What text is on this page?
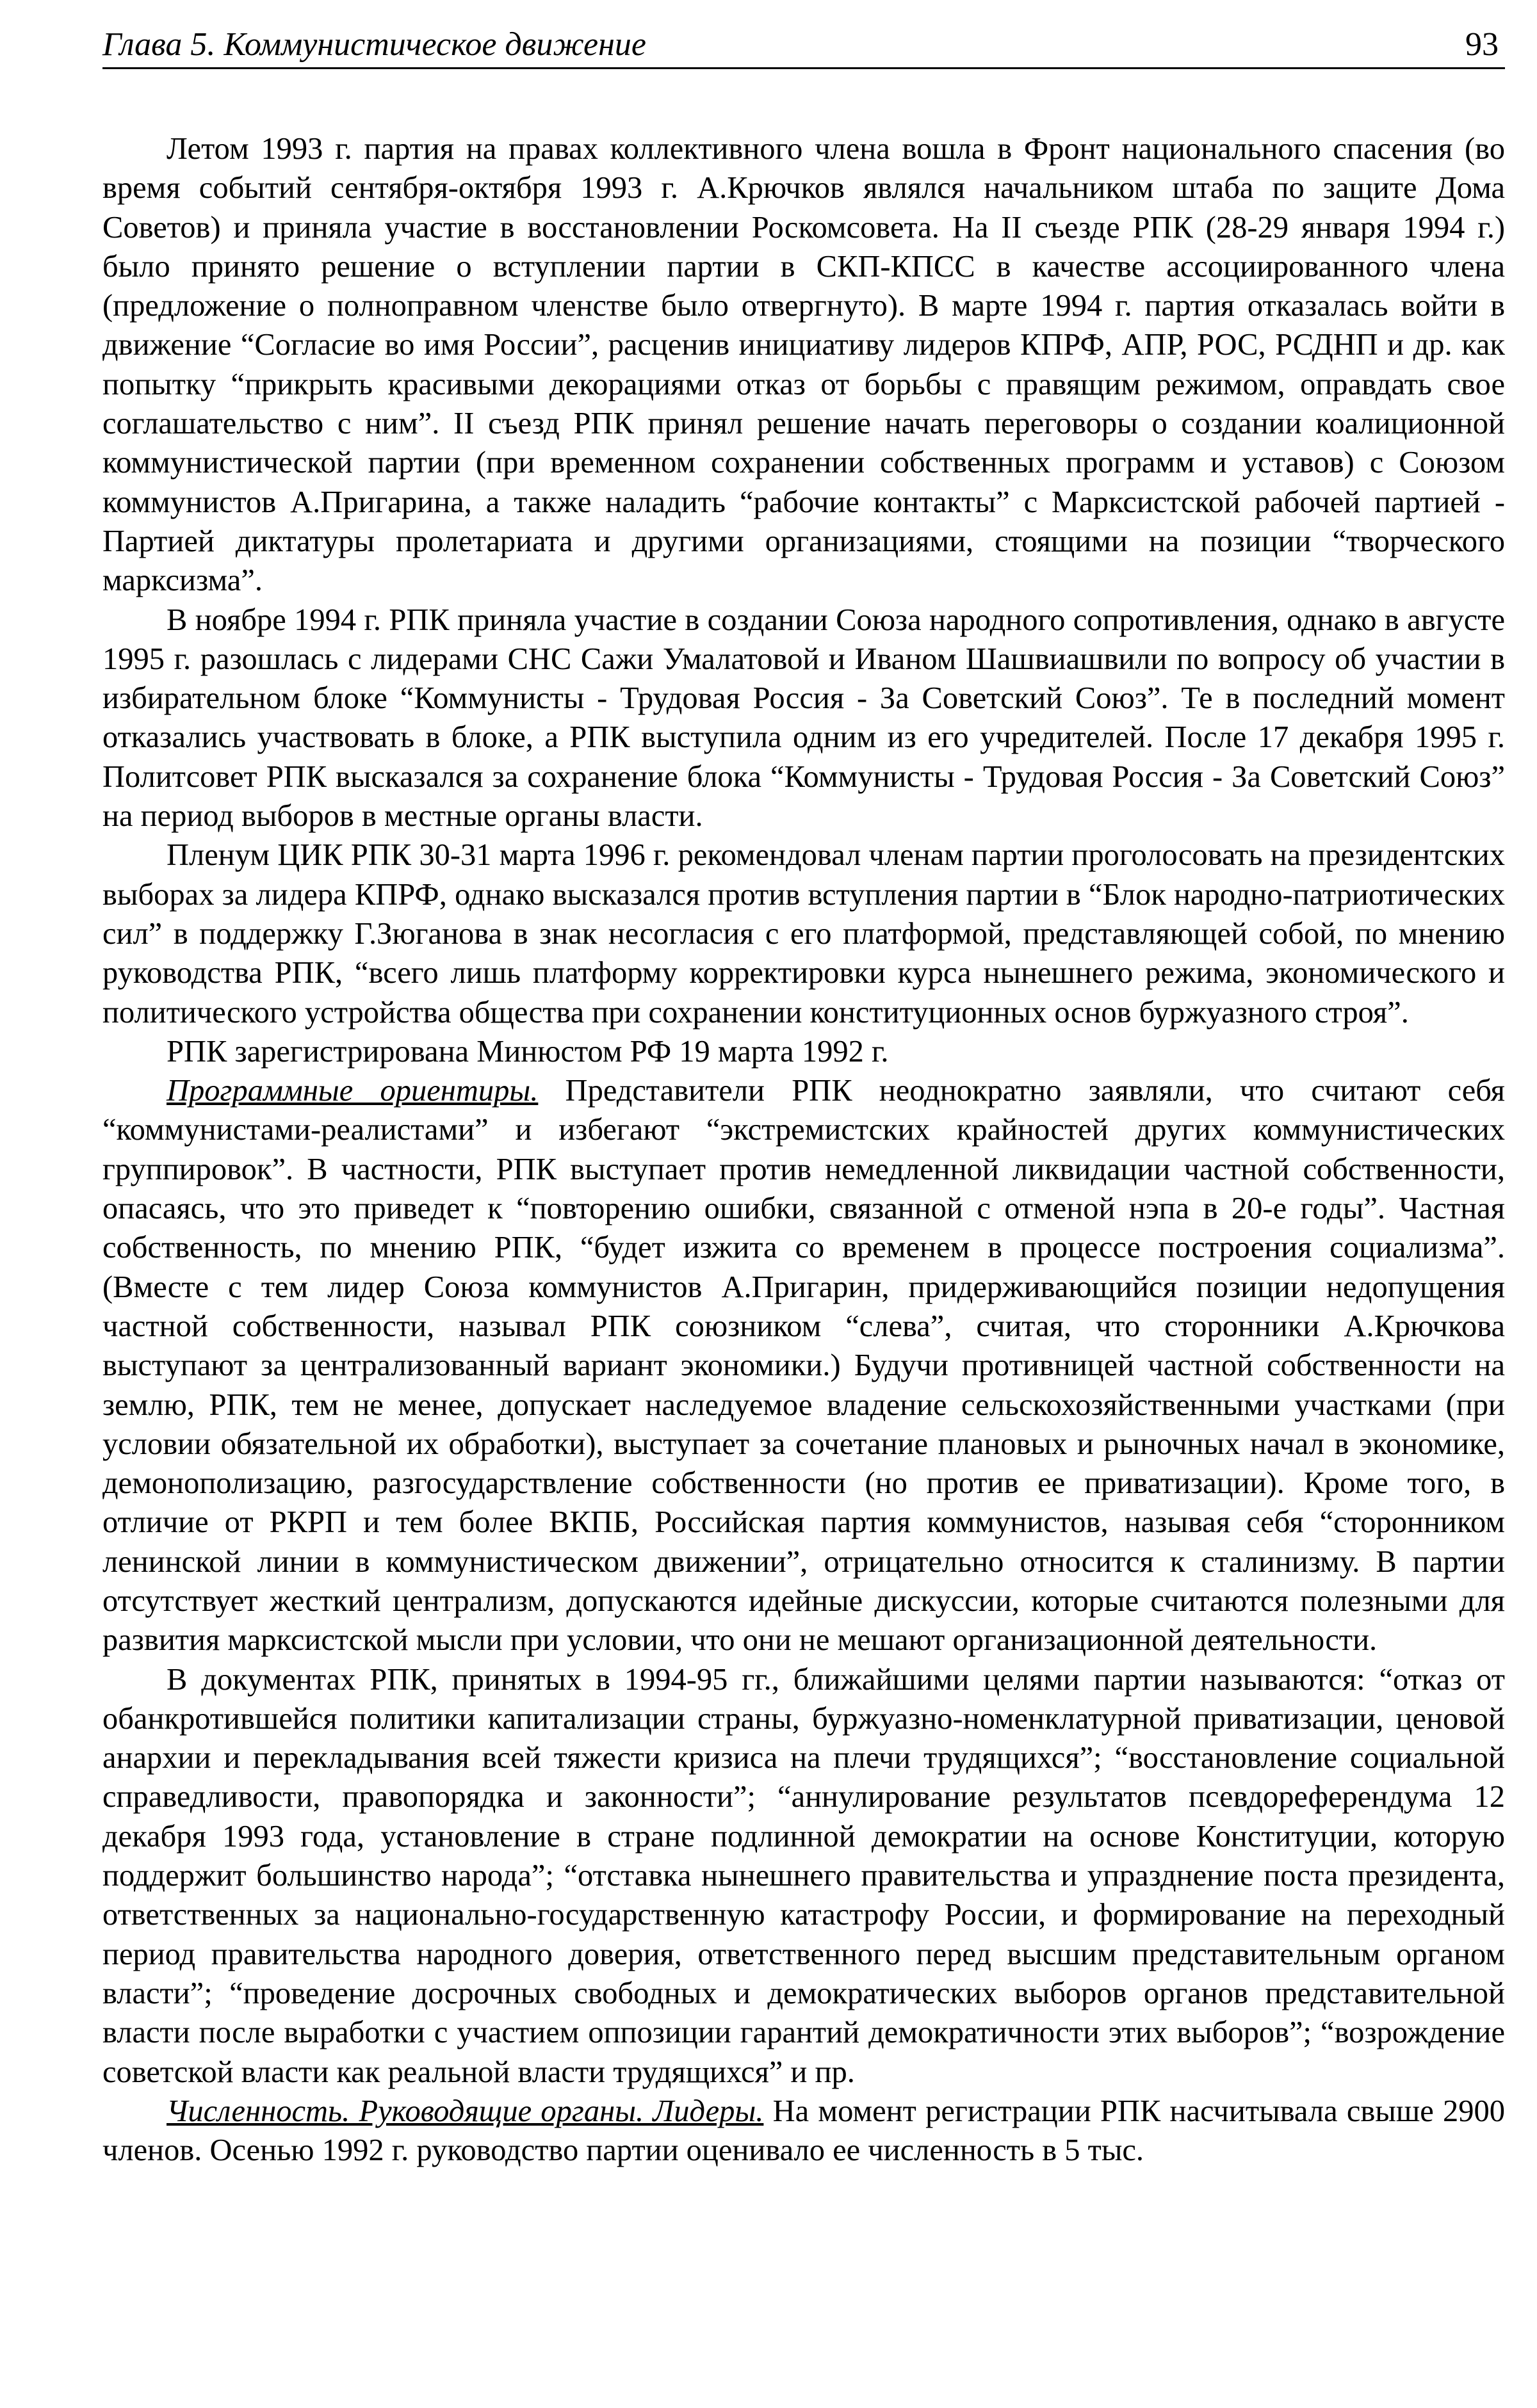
Глава 5. Коммунистическое движение	93

Летом 1993 г. партия на правах коллективного члена вошла в Фронт национального спасения (во время событий сентября-октября 1993 г. А.Крючков являлся начальником штаба по защите Дома Советов) и приняла участие в восстановлении Роскомсовета. На II съезде РПК (28-29 января 1994 г.) было принято решение о вступлении партии в СКП-КПСС в качестве ассоциированного члена (предложение о полноправном членстве было отвергнуто). В марте 1994 г. партия отказалась войти в движение “Согласие во имя России”, расценив инициативу лидеров КПРФ, АПР, РОС, РСДНП и др. как попытку “прикрыть красивыми декорациями отказ от борьбы с правящим режимом, оправдать свое соглашательство с ним”. II съезд РПК принял решение начать переговоры о создании коалиционной коммунистической партии (при временном сохранении собственных программ и уставов) с Союзом коммунистов А.Пригарина, а также наладить “рабочие контакты” с Марксистской рабочей партией - Партией диктатуры пролетариата и другими организациями, стоящими на позиции “творческого марксизма”.

В ноябре 1994 г. РПК приняла участие в создании Союза народного сопротивления, однако в августе 1995 г. разошлась с лидерами СНС Сажи Умалатовой и Иваном Шашвиашвили по вопросу об участии в избирательном блоке “Коммунисты - Трудовая Россия - За Советский Союз”. Те в последний момент отказались участвовать в блоке, а РПК выступила одним из его учредителей. После 17 декабря 1995 г. Политсовет РПК высказался за сохранение блока “Коммунисты - Трудовая Россия - За Советский Союз” на период выборов в местные органы власти.

Пленум ЦИК РПК 30-31 марта 1996 г. рекомендовал членам партии проголосовать на президентских выборах за лидера КПРФ, однако высказался против вступления партии в “Блок народно-патриотических сил” в поддержку Г.Зюганова в знак несогласия с его платформой, представляющей собой, по мнению руководства РПК, “всего лишь платформу корректировки курса нынешнего режима, экономического и политического устройства общества при сохранении конституционных основ буржуазного строя”.

РПК зарегистрирована Минюстом РФ 19 марта 1992 г.

Программные ориентиры. Представители РПК неоднократно заявляли, что считают себя “коммунистами-реалистами” и избегают “экстремистских крайностей других коммунистических группировок”. В частности, РПК выступает против немедленной ликвидации частной собственности, опасаясь, что это приведет к “повторению ошибки, связанной с отменой нэпа в 20-е годы”. Частная собственность, по мнению РПК, “будет изжита со временем в процессе построения социализма”. (Вместе с тем лидер Союза коммунистов А.Пригарин, придерживающийся позиции недопущения частной собственности, называл РПК союзником “слева”, считая, что сторонники А.Крючкова выступают за централизованный вариант экономики.) Будучи противницей частной собственности на землю, РПК, тем не менее, допускает наследуемое владение сельскохозяйственными участками (при условии обязательной их обработки), выступает за сочетание плановых и рыночных начал в экономике, демонополизацию, разгосударствление собственности (но против ее приватизации). Кроме того, в отличие от РКРП и тем более ВКПБ, Российская партия коммунистов, называя себя “сторонником ленинской линии в коммунистическом движении”, отрицательно относится к сталинизму. В партии отсутствует жесткий централизм, допускаются идейные дискуссии, которые считаются полезными для развития марксистской мысли при условии, что они не мешают организационной деятельности.

В документах РПК, принятых в 1994-95 гг., ближайшими целями партии называются: “отказ от обанкротившейся политики капитализации страны, буржуазно-номенклатурной приватизации, ценовой анархии и перекладывания всей тяжести кризиса на плечи трудящихся”; “восстановление социальной справедливости, правопорядка и законности”; “аннулирование результатов псевдореферендума 12 декабря 1993 года, установление в стране подлинной демократии на основе Конституции, которую поддержит большинство народа”; “отставка нынешнего правительства и упразднение поста президента, ответственных за национально-государственную катастрофу России, и формирование на переходный период правительства народного доверия, ответственного перед высшим представительным органом власти”; “проведение досрочных свободных и демократических выборов органов представительной власти после выработки с участием оппозиции гарантий демократичности этих выборов”; “возрождение советской власти как реальной власти трудящихся” и пр.

Численность. Руководящие органы. Лидеры. На момент регистрации РПК насчитывала свыше 2900 членов. Осенью 1992 г. руководство партии оценивало ее численность в 5 тыс.
